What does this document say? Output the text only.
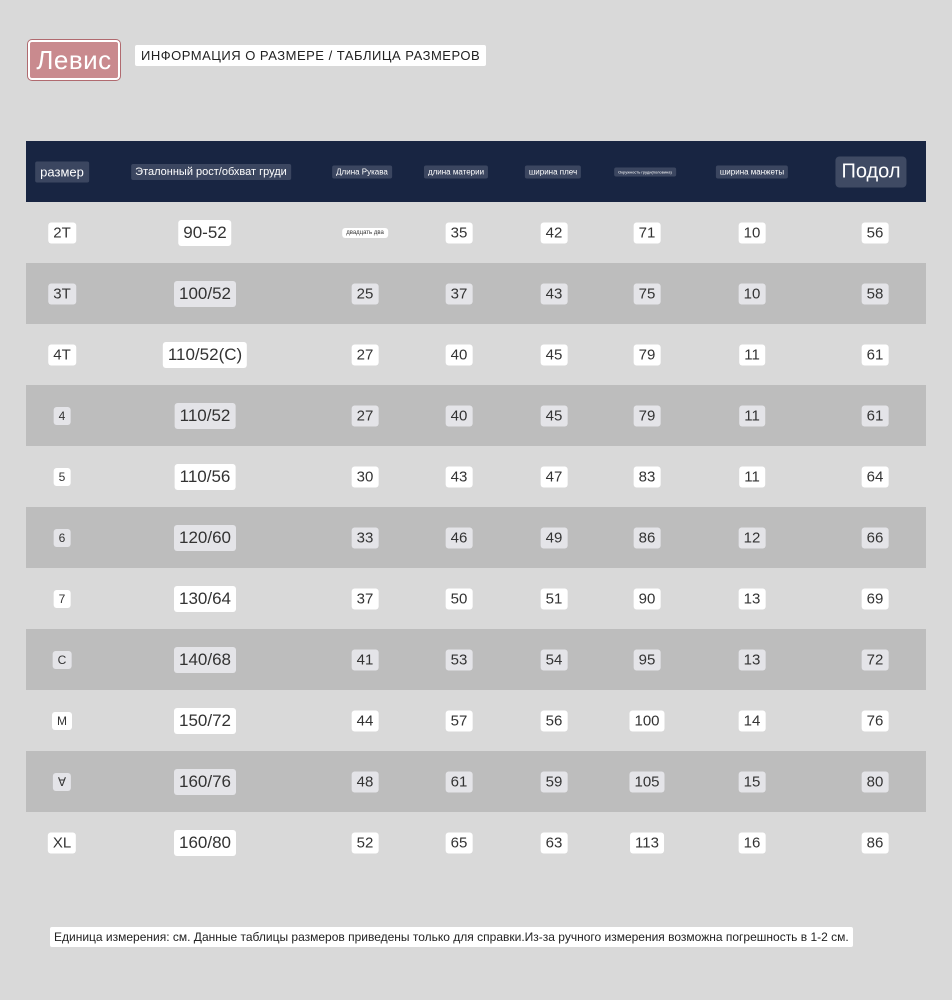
Левис	ИНФОРМАЦИЯ О РАЗМЕРЕ / ТАБЛИЦА РАЗМЕРОВ
размер	Эталонный рост/обхват груди	Длина Рукава	длина материи	ширина плеч	Окружность груди(половина)	ширина манжеты	Подол
2T	90-52	двадцать два	35	42	71	10	56
3T	100/52	25	37	43	75	10	58
4T	110/52(С)	27	40	45	79	11	61
4	110/52	27	40	45	79	11	61
5	110/56	30	43	47	83	11	64
6	120/60	33	46	49	86	12	66
7	130/64	37	50	51	90	13	69
С	140/68	41	53	54	95	13	72
М	150/72	44	57	56	100	14	76
Ɐ	160/76	48	61	59	105	15	80
XL	160/80	52	65	63	113	16	86
Единица измерения: см. Данные таблицы размеров приведены только для справки.Из-за ручного измерения возможна погрешность в 1-2 см.
